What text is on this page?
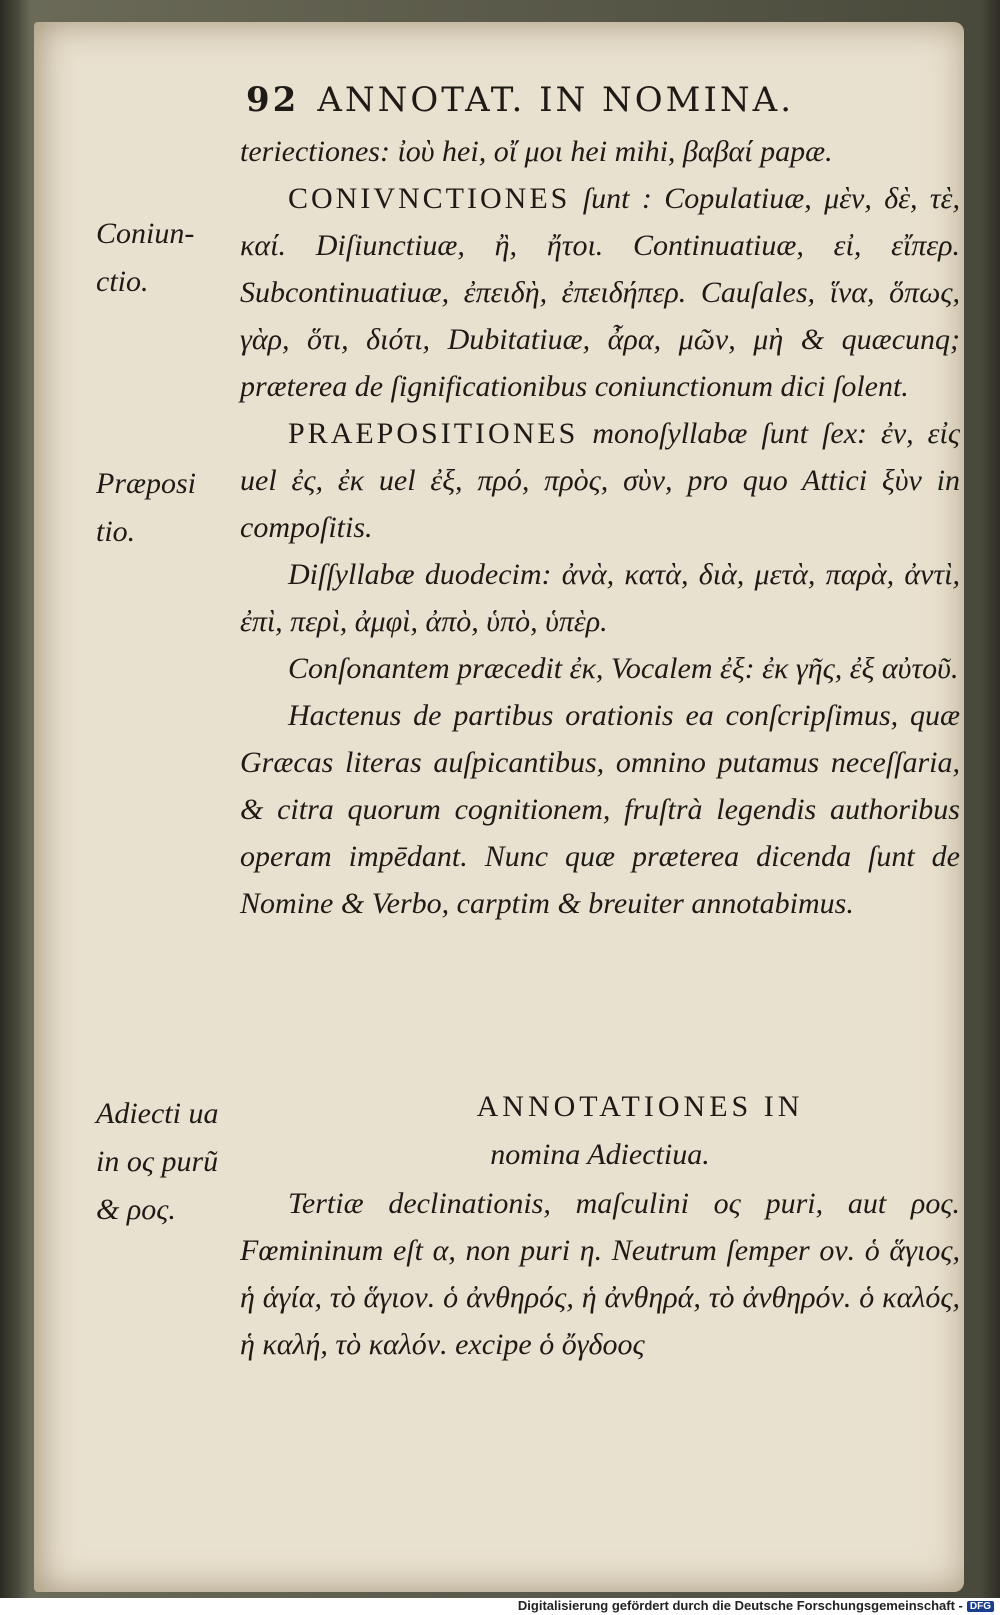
92 ANNOTAT. IN NOMINA.
Coniun- ctio.
Præposi tio.
Adiecti ua in ος purũ & ρος.

teriectiones: ἰοὺ hei, οἴ μοι hei mihi, βαβαί papæ.

CONIVNCTIONES ſunt : Copulatiuæ, μὲν, δὲ, τὲ, καί. Diſiunctiuæ, ἢ, ἤτοι. Continuatiuæ, εἰ, εἴπερ. Subcontinuatiuæ, ἐπειδὴ, ἐπειδήπερ. Cauſales, ἵνα, ὅπως, γὰρ, ὅτι, διότι, Dubitatiuæ, ἆρα, μῶν, μὴ & quæcunq; præterea de ſignificationibus coniunctionum dici ſolent.

PRAEPOSITIONES monoſyllabæ ſunt ſex: ἐν, εἰς uel ἐς, ἐκ uel ἐξ, πρό, πρὸς, σὺν, pro quo Attici ξὺν in compoſitis.

Diſſyllabæ duodecim: ἀνὰ, κατὰ, διὰ, μετὰ, παρὰ, ἀντὶ, ἐπὶ, περὶ, ἀμφὶ, ἀπὸ, ὑπὸ, ὑπὲρ.

Conſonantem præcedit ἐκ, Vocalem ἐξ: ἐκ γῆς, ἐξ αὐτοῦ.

Hactenus de partibus orationis ea conſcripſimus, quæ Græcas literas auſpicantibus, omnino putamus neceſſaria, & citra quorum cognitionem, fruſtrà legendis authoribus operam impēdant. Nunc quæ præterea dicenda ſunt de Nomine & Verbo, carptim & breuiter annotabimus.

ANNOTATIONES IN
nomina Adiectiua.

Tertiæ declinationis, maſculini ος puri, aut ρος. Fœmininum eſt α, non puri η. Neutrum ſemper ον. ὁ ἅγιος, ἡ ἁγία, τὸ ἅγιον. ὁ ἀνθηρός, ἡ ἀνθηρά, τὸ ἀνθηρόν. ὁ καλός, ἡ καλή, τὸ καλόν. excipe ὁ ὄγδοος

Digitalisierung gefördert durch die Deutsche Forschungsgemeinschaft - DFG
